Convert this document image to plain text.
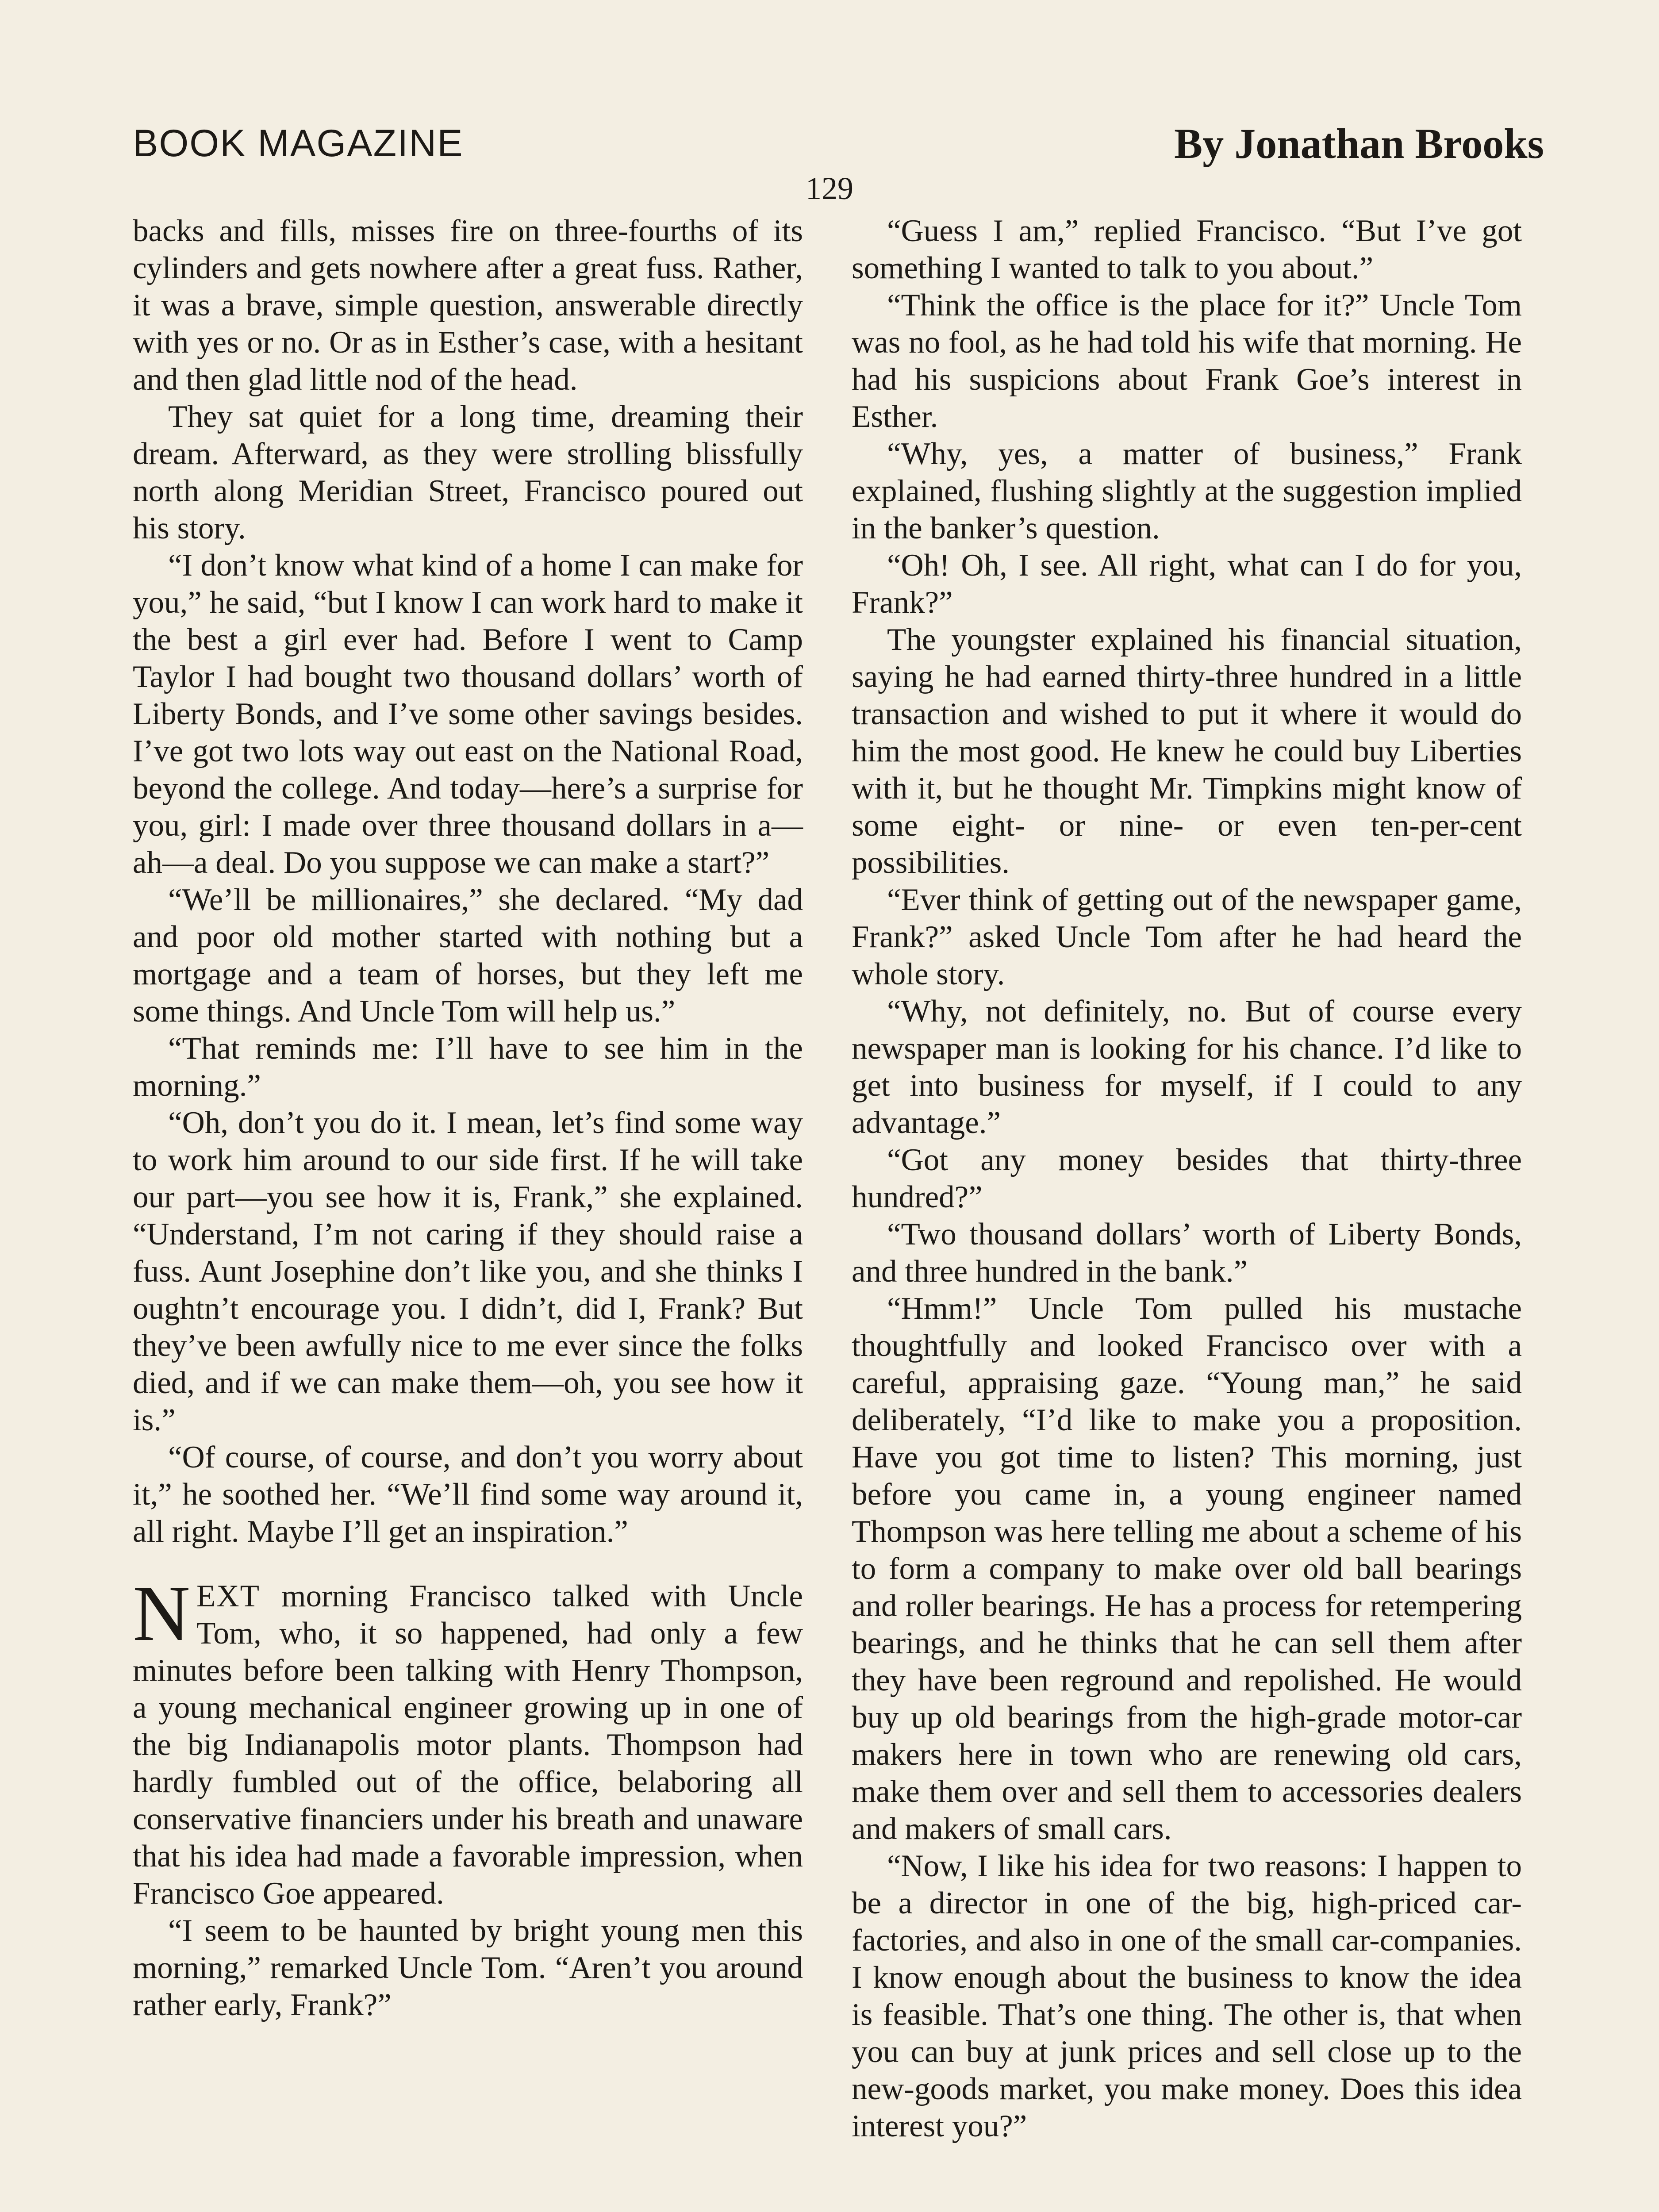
BOOK MAGAZINE	By Jonathan Brooks
129

backs and fills, misses fire on three-fourths of its cylinders and gets nowhere after a great fuss. Rather, it was a brave, simple question, answerable directly with yes or no. Or as in Esther’s case, with a hesitant and then glad little nod of the head.

They sat quiet for a long time, dreaming their dream. Afterward, as they were strolling blissfully north along Meridian Street, Francisco poured out his story.

“I don’t know what kind of a home I can make for you,” he said, “but I know I can work hard to make it the best a girl ever had. Before I went to Camp Taylor I had bought two thousand dollars’ worth of Liberty Bonds, and I’ve some other savings besides. I’ve got two lots way out east on the National Road, beyond the college. And today—here’s a surprise for you, girl: I made over three thousand dollars in a—ah—a deal. Do you suppose we can make a start?”

“We’ll be millionaires,” she declared. “My dad and poor old mother started with nothing but a mortgage and a team of horses, but they left me some things. And Uncle Tom will help us.”

“That reminds me: I’ll have to see him in the morning.”

“Oh, don’t you do it. I mean, let’s find some way to work him around to our side first. If he will take our part—you see how it is, Frank,” she explained. “Understand, I’m not caring if they should raise a fuss. Aunt Josephine don’t like you, and she thinks I oughtn’t encourage you. I didn’t, did I, Frank? But they’ve been awfully nice to me ever since the folks died, and if we can make them—oh, you see how it is.”

“Of course, of course, and don’t you worry about it,” he soothed her. “We’ll find some way around it, all right. Maybe I’ll get an inspiration.”

NEXT morning Francisco talked with Uncle Tom, who, it so happened, had only a few minutes before been talking with Henry Thompson, a young mechanical engineer growing up in one of the big Indianapolis motor plants. Thompson had hardly fumbled out of the office, belaboring all conservative financiers under his breath and unaware that his idea had made a favorable impression, when Francisco Goe appeared.

“I seem to be haunted by bright young men this morning,” remarked Uncle Tom. “Aren’t you around rather early, Frank?”

“Guess I am,” replied Francisco. “But I’ve got something I wanted to talk to you about.”

“Think the office is the place for it?” Uncle Tom was no fool, as he had told his wife that morning. He had his suspicions about Frank Goe’s interest in Esther.

“Why, yes, a matter of business,” Frank explained, flushing slightly at the suggestion implied in the banker’s question.

“Oh! Oh, I see. All right, what can I do for you, Frank?”

The youngster explained his financial situation, saying he had earned thirty-three hundred in a little transaction and wished to put it where it would do him the most good. He knew he could buy Liberties with it, but he thought Mr. Timpkins might know of some eight- or nine- or even ten-per-cent possibilities.

“Ever think of getting out of the newspaper game, Frank?” asked Uncle Tom after he had heard the whole story.

“Why, not definitely, no. But of course every newspaper man is looking for his chance. I’d like to get into business for myself, if I could to any advantage.”

“Got any money besides that thirty-three hundred?”

“Two thousand dollars’ worth of Liberty Bonds, and three hundred in the bank.”

“Hmm!” Uncle Tom pulled his mustache thoughtfully and looked Francisco over with a careful, appraising gaze. “Young man,” he said deliberately, “I’d like to make you a proposition. Have you got time to listen? This morning, just before you came in, a young engineer named Thompson was here telling me about a scheme of his to form a company to make over old ball bearings and roller bearings. He has a process for retempering bearings, and he thinks that he can sell them after they have been reground and repolished. He would buy up old bearings from the high-grade motor-car makers here in town who are renewing old cars, make them over and sell them to accessories dealers and makers of small cars.

“Now, I like his idea for two reasons: I happen to be a director in one of the big, high-priced car-factories, and also in one of the small car-companies. I know enough about the business to know the idea is feasible. That’s one thing. The other is, that when you can buy at junk prices and sell close up to the new-goods market, you make money. Does this idea interest you?”
